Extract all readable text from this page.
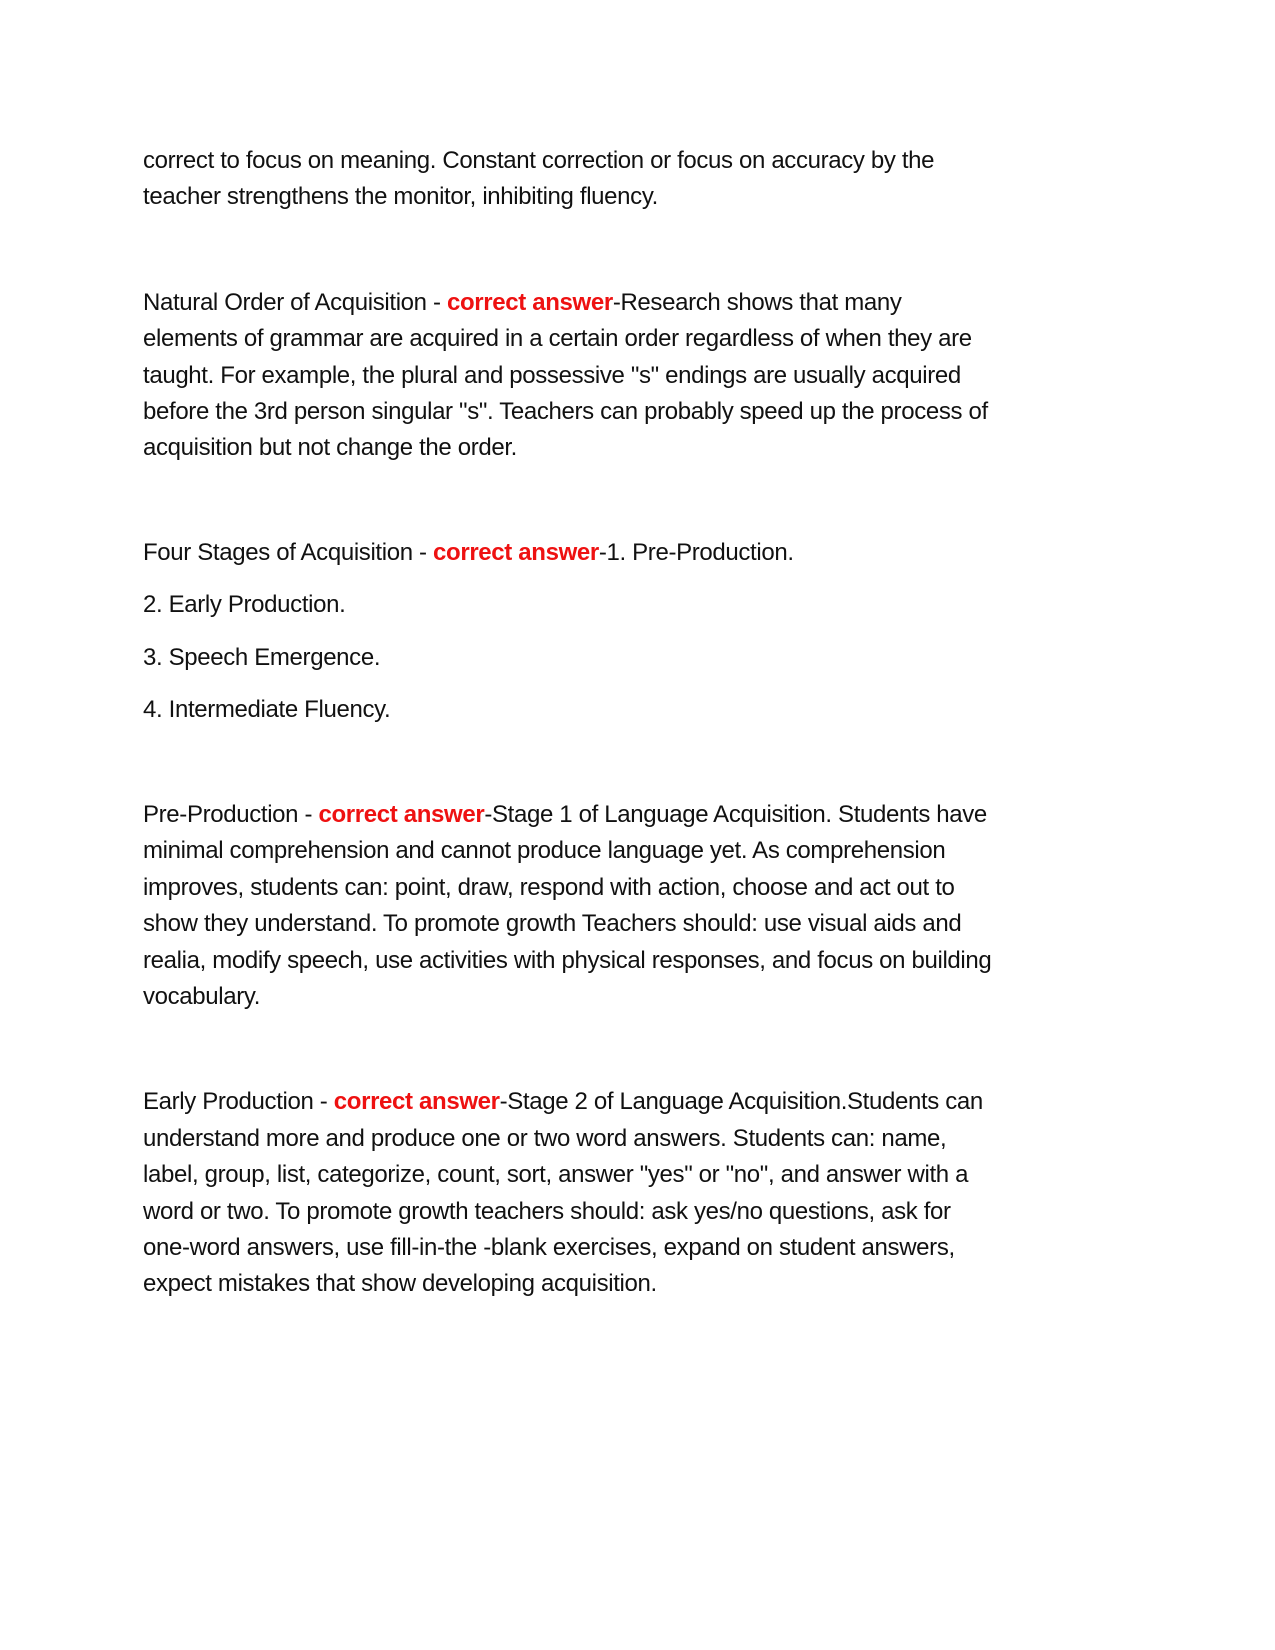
correct to focus on meaning. Constant correction or focus on accuracy by the
teacher strengthens the monitor, inhibiting fluency.
Natural Order of Acquisition - correct answer-Research shows that many
elements of grammar are acquired in a certain order regardless of when they are
taught. For example, the plural and possessive "s" endings are usually acquired
before the 3rd person singular "s". Teachers can probably speed up the process of
acquisition but not change the order.
Four Stages of Acquisition - correct answer-1. Pre-Production.
2. Early Production.
3. Speech Emergence.
4. Intermediate Fluency.
Pre-Production - correct answer-Stage 1 of Language Acquisition. Students have
minimal comprehension and cannot produce language yet. As comprehension
improves, students can: point, draw, respond with action, choose and act out to
show they understand. To promote growth Teachers should: use visual aids and
realia, modify speech, use activities with physical responses, and focus on building
vocabulary.
Early Production - correct answer-Stage 2 of Language Acquisition.Students can
understand more and produce one or two word answers. Students can: name,
label, group, list, categorize, count, sort, answer "yes" or "no", and answer with a
word or two. To promote growth teachers should: ask yes/no questions, ask for
one-word answers, use fill-in-the -blank exercises, expand on student answers,
expect mistakes that show developing acquisition.
